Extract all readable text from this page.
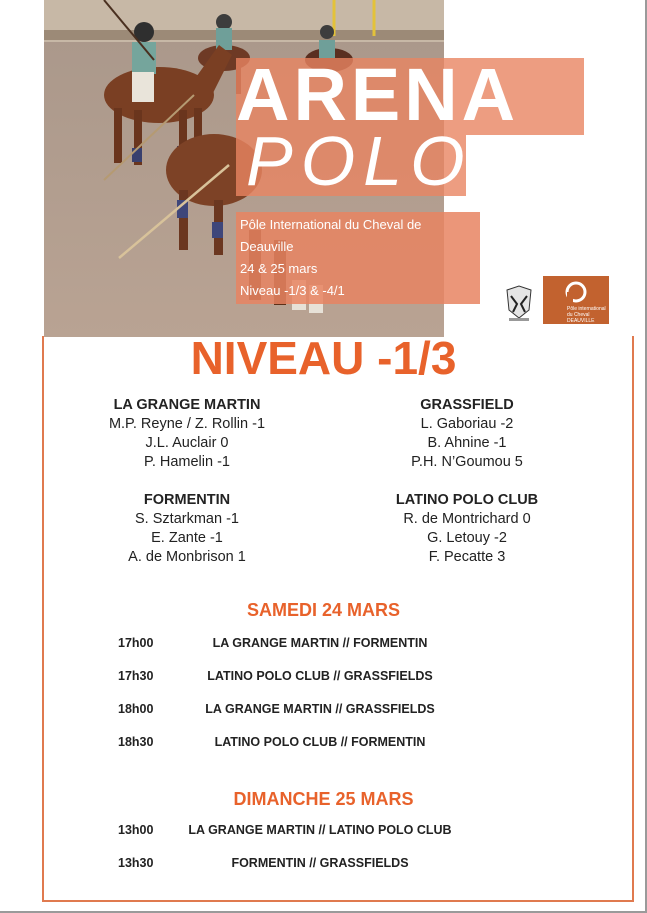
ARENA
POLO
Pôle International du Cheval de Deauville
24 & 25 mars
Niveau -1/3 & -4/1
Pôle international du Cheval DEAUVILLE
NIVEAU -1/3
LA GRANGE MARTIN
M.P. Reyne / Z. Rollin -1
J.L. Auclair 0
P. Hamelin -1
GRASSFIELD
L. Gaboriau -2
B. Ahnine -1
P.H. N’Goumou 5
FORMENTIN
S. Sztarkman -1
E. Zante -1
A. de Monbrison 1
LATINO POLO CLUB
R. de Montrichard 0
G. Letouy -2
F. Pecatte 3
SAMEDI 24 MARS
17h00	LA GRANGE MARTIN // FORMENTIN
17h30	LATINO POLO CLUB // GRASSFIELDS
18h00	LA GRANGE MARTIN // GRASSFIELDS
18h30	LATINO POLO CLUB // FORMENTIN
DIMANCHE 25 MARS
13h00	LA GRANGE MARTIN // LATINO POLO CLUB
13h30	FORMENTIN // GRASSFIELDS
